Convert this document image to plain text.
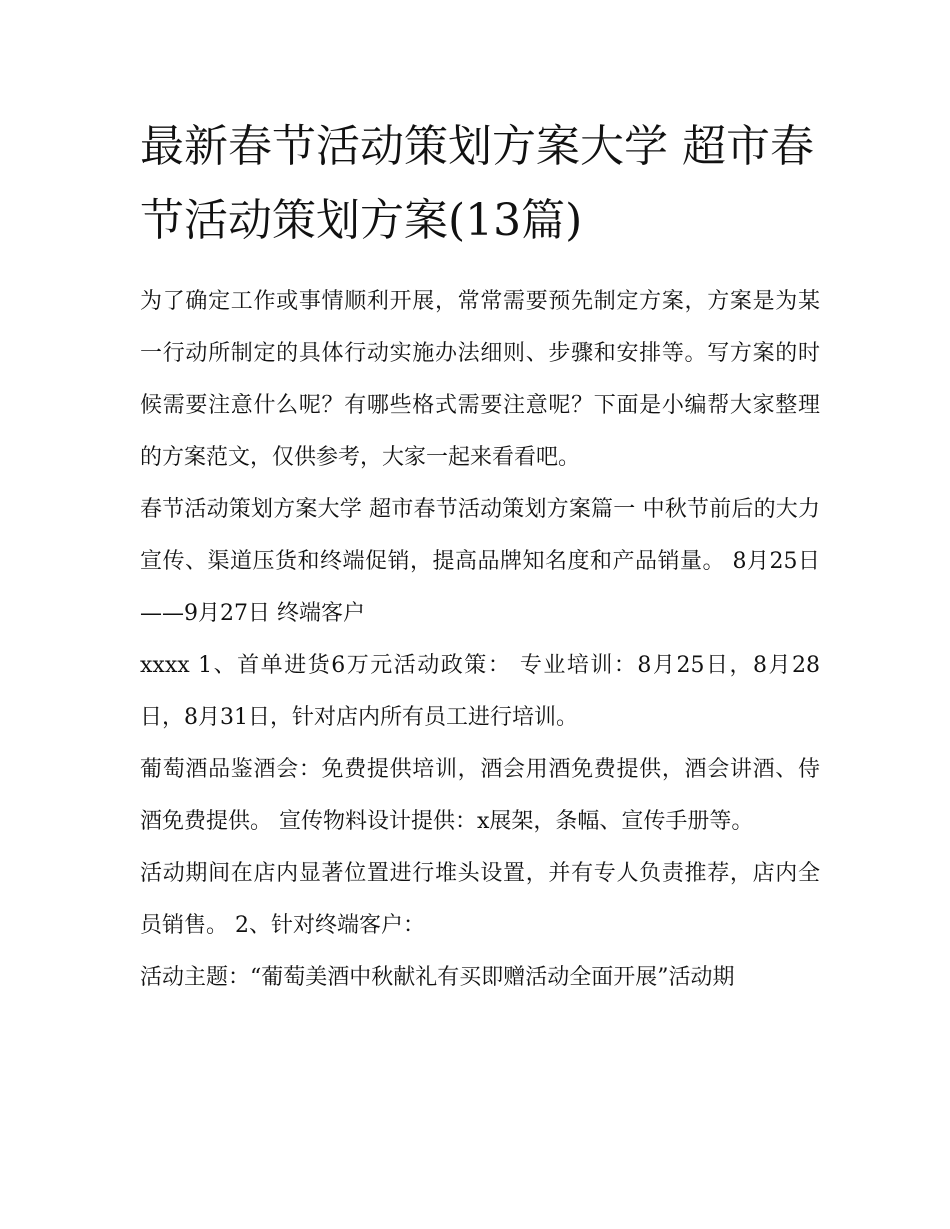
最新春节活动策划方案大学 超市春节活动策划方案(13篇)

为了确定工作或事情顺利开展，常常需要预先制定方案，方案是为某一行动所制定的具体行动实施办法细则、步骤和安排等。写方案的时候需要注意什么呢？有哪些格式需要注意呢？下面是小编帮大家整理的方案范文，仅供参考，大家一起来看看吧。

春节活动策划方案大学 超市春节活动策划方案篇一 中秋节前后的大力宣传、渠道压货和终端促销，提高品牌知名度和产品销量。 8月25日——9月27日 终端客户

xxxx 1、首单进货6万元活动政策： 专业培训：8月25日，8月28日，8月31日，针对店内所有员工进行培训。

葡萄酒品鉴酒会：免费提供培训，酒会用酒免费提供，酒会讲酒、侍酒免费提供。 宣传物料设计提供：x展架，条幅、宣传手册等。

活动期间在店内显著位置进行堆头设置，并有专人负责推荐，店内全员销售。 2、针对终端客户：

活动主题：“葡萄美酒中秋献礼有买即赠活动全面开展”活动期
